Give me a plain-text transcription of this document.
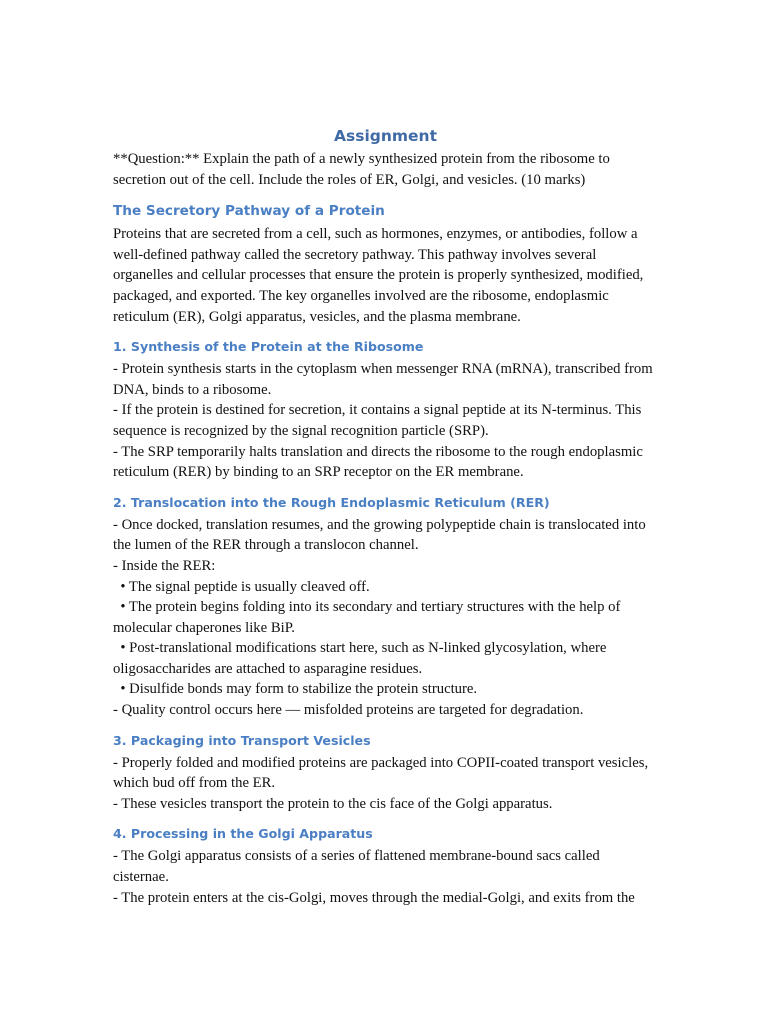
Assignment

**Question:** Explain the path of a newly synthesized protein from the ribosome to secretion out of the cell. Include the roles of ER, Golgi, and vesicles. (10 marks)

The Secretory Pathway of a Protein

Proteins that are secreted from a cell, such as hormones, enzymes, or antibodies, follow a well-defined pathway called the secretory pathway. This pathway involves several organelles and cellular processes that ensure the protein is properly synthesized, modified, packaged, and exported. The key organelles involved are the ribosome, endoplasmic reticulum (ER), Golgi apparatus, vesicles, and the plasma membrane.

1. Synthesis of the Protein at the Ribosome

- Protein synthesis starts in the cytoplasm when messenger RNA (mRNA), transcribed from DNA, binds to a ribosome.
- If the protein is destined for secretion, it contains a signal peptide at its N-terminus. This sequence is recognized by the signal recognition particle (SRP).
- The SRP temporarily halts translation and directs the ribosome to the rough endoplasmic reticulum (RER) by binding to an SRP receptor on the ER membrane.

2. Translocation into the Rough Endoplasmic Reticulum (RER)

- Once docked, translation resumes, and the growing polypeptide chain is translocated into the lumen of the RER through a translocon channel.
- Inside the RER:
• The signal peptide is usually cleaved off.
• The protein begins folding into its secondary and tertiary structures with the help of molecular chaperones like BiP.
• Post-translational modifications start here, such as N-linked glycosylation, where oligosaccharides are attached to asparagine residues.
• Disulfide bonds may form to stabilize the protein structure.
- Quality control occurs here — misfolded proteins are targeted for degradation.

3. Packaging into Transport Vesicles

- Properly folded and modified proteins are packaged into COPII-coated transport vesicles, which bud off from the ER.
- These vesicles transport the protein to the cis face of the Golgi apparatus.

4. Processing in the Golgi Apparatus

- The Golgi apparatus consists of a series of flattened membrane-bound sacs called cisternae.
- The protein enters at the cis-Golgi, moves through the medial-Golgi, and exits from the
